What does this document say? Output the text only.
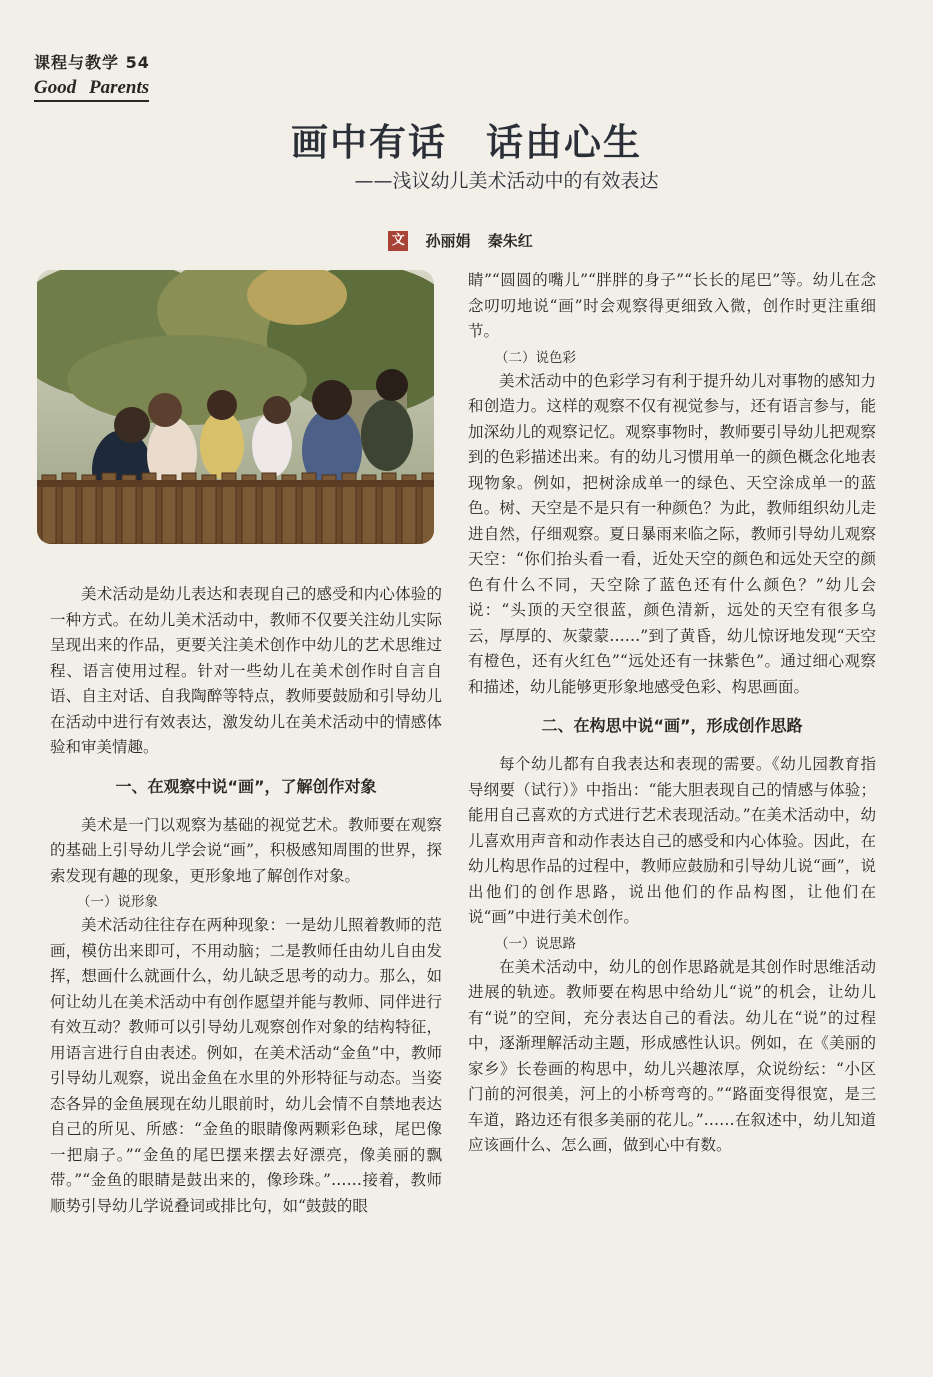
课程与教学 54
Good Parents
画中有话　话由心生
——浅议幼儿美术活动中的有效表达
文 孙丽娟 秦朱红

美术活动是幼儿表达和表现自己的感受和内心体验的一种方式。在幼儿美术活动中，教师不仅要关注幼儿实际呈现出来的作品，更要关注美术创作中幼儿的艺术思维过程、语言使用过程。针对一些幼儿在美术创作时自言自语、自主对话、自我陶醉等特点，教师要鼓励和引导幼儿在活动中进行有效表达，激发幼儿在美术活动中的情感体验和审美情趣。

一、在观察中说“画”，了解创作对象

美术是一门以观察为基础的视觉艺术。教师要在观察的基础上引导幼儿学会说“画”，积极感知周围的世界，探索发现有趣的现象，更形象地了解创作对象。

（一）说形象

美术活动往往存在两种现象：一是幼儿照着教师的范画，模仿出来即可，不用动脑；二是教师任由幼儿自由发挥，想画什么就画什么，幼儿缺乏思考的动力。那么，如何让幼儿在美术活动中有创作愿望并能与教师、同伴进行有效互动？教师可以引导幼儿观察创作对象的结构特征，用语言进行自由表述。例如，在美术活动“金鱼”中，教师引导幼儿观察，说出金鱼在水里的外形特征与动态。当姿态各异的金鱼展现在幼儿眼前时，幼儿会情不自禁地表达自己的所见、所感：“金鱼的眼睛像两颗彩色球，尾巴像一把扇子。”“金鱼的尾巴摆来摆去好漂亮，像美丽的飘带。”“金鱼的眼睛是鼓出来的，像珍珠。”……接着，教师顺势引导幼儿学说叠词或排比句，如“鼓鼓的眼

睛”“圆圆的嘴儿”“胖胖的身子”“长长的尾巴”等。幼儿在念念叨叨地说“画”时会观察得更细致入微，创作时更注重细节。

（二）说色彩

美术活动中的色彩学习有利于提升幼儿对事物的感知力和创造力。这样的观察不仅有视觉参与，还有语言参与，能加深幼儿的观察记忆。观察事物时，教师要引导幼儿把观察到的色彩描述出来。有的幼儿习惯用单一的颜色概念化地表现物象。例如，把树涂成单一的绿色、天空涂成单一的蓝色。树、天空是不是只有一种颜色？为此，教师组织幼儿走进自然，仔细观察。夏日暴雨来临之际，教师引导幼儿观察天空：“你们抬头看一看，近处天空的颜色和远处天空的颜色有什么不同，天空除了蓝色还有什么颜色？”幼儿会说：“头顶的天空很蓝，颜色清新，远处的天空有很多乌云，厚厚的、灰蒙蒙……”到了黄昏，幼儿惊讶地发现“天空有橙色，还有火红色”“远处还有一抹紫色”。通过细心观察和描述，幼儿能够更形象地感受色彩、构思画面。

二、在构思中说“画”，形成创作思路

每个幼儿都有自我表达和表现的需要。《幼儿园教育指导纲要（试行）》中指出：“能大胆表现自己的情感与体验；能用自己喜欢的方式进行艺术表现活动。”在美术活动中，幼儿喜欢用声音和动作表达自己的感受和内心体验。因此，在幼儿构思作品的过程中，教师应鼓励和引导幼儿说“画”，说出他们的创作思路，说出他们的作品构图，让他们在说“画”中进行美术创作。

（一）说思路

在美术活动中，幼儿的创作思路就是其创作时思维活动进展的轨迹。教师要在构思中给幼儿“说”的机会，让幼儿有“说”的空间，充分表达自己的看法。幼儿在“说”的过程中，逐渐理解活动主题，形成感性认识。例如，在《美丽的家乡》长卷画的构思中，幼儿兴趣浓厚，众说纷纭：“小区门前的河很美，河上的小桥弯弯的。”“路面变得很宽，是三车道，路边还有很多美丽的花儿。”……在叙述中，幼儿知道应该画什么、怎么画，做到心中有数。
